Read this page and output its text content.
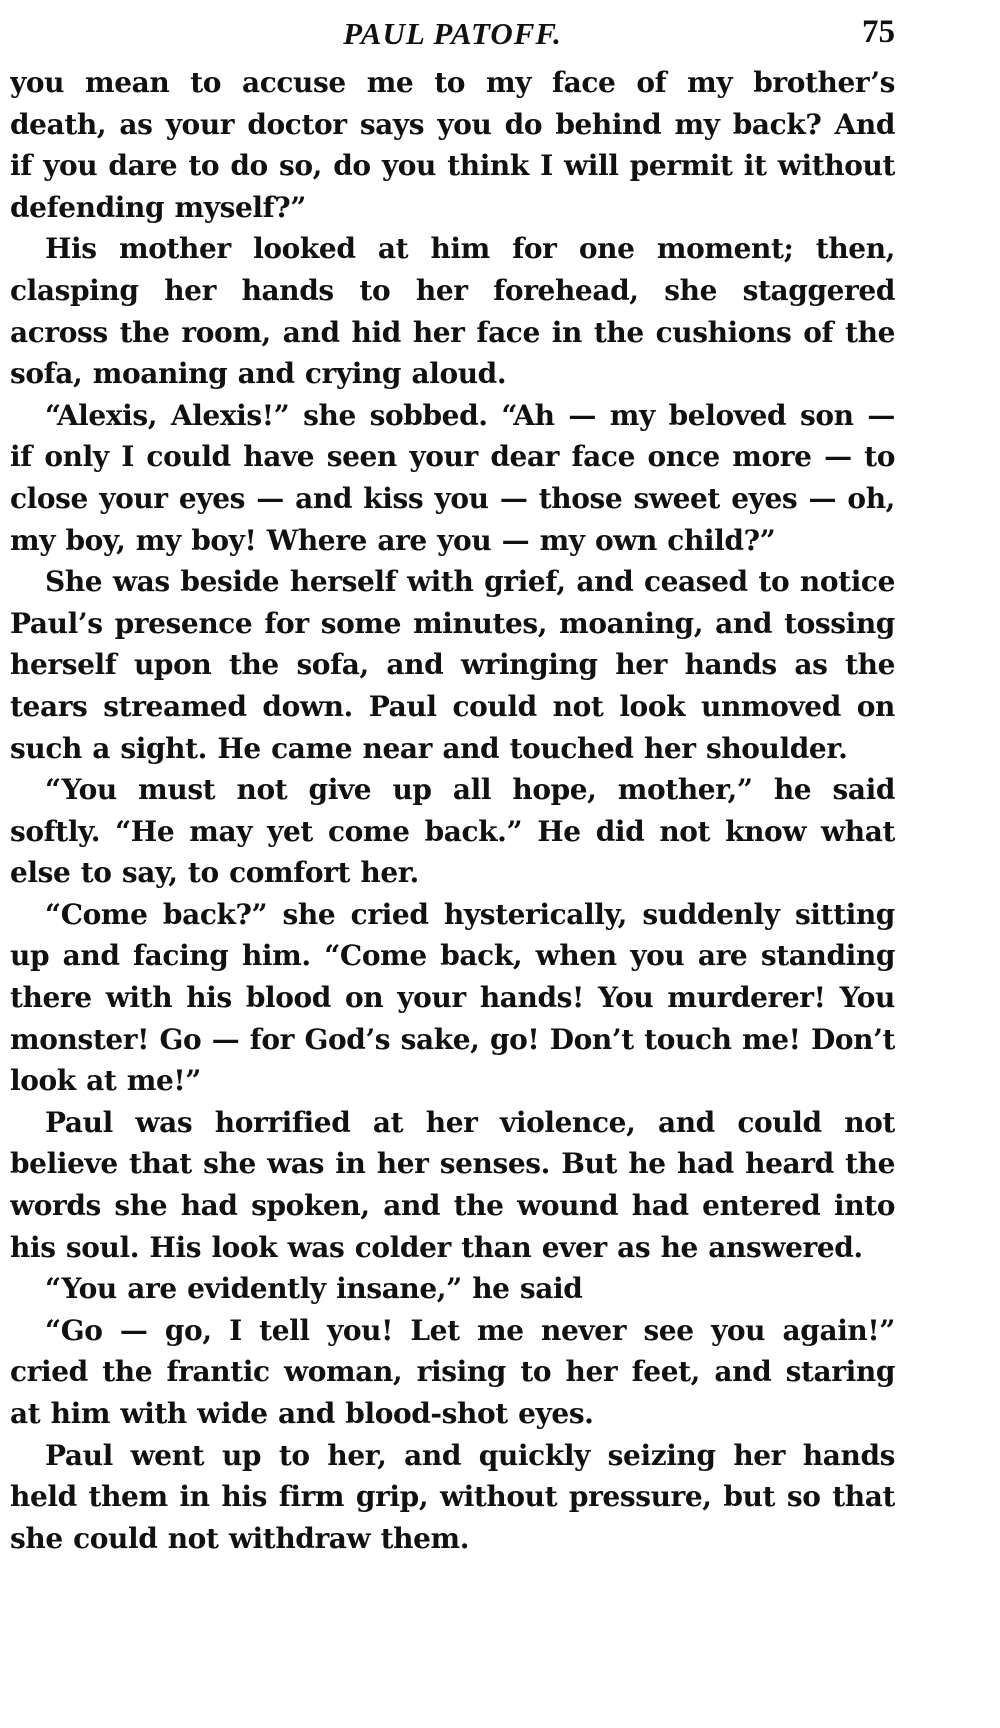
PAUL PATOFF.	75

you mean to accuse me to my face of my brother’s death, as your doctor says you do behind my back? And if you dare to do so, do you think I will permit it without defending myself?”

His mother looked at him for one moment; then, clasping her hands to her forehead, she staggered across the room, and hid her face in the cushions of the sofa, moaning and crying aloud.

“Alexis, Alexis!” she sobbed. “Ah — my beloved son — if only I could have seen your dear face once more — to close your eyes — and kiss you — those sweet eyes — oh, my boy, my boy! Where are you — my own child?”

She was beside herself with grief, and ceased to notice Paul’s presence for some minutes, moaning, and tossing herself upon the sofa, and wringing her hands as the tears streamed down. Paul could not look unmoved on such a sight. He came near and touched her shoulder.

“You must not give up all hope, mother,” he said softly. “He may yet come back.” He did not know what else to say, to comfort her.

“Come back?” she cried hysterically, suddenly sitting up and facing him. “Come back, when you are standing there with his blood on your hands! You murderer! You monster! Go — for God’s sake, go! Don’t touch me! Don’t look at me!”

Paul was horrified at her violence, and could not believe that she was in her senses. But he had heard the words she had spoken, and the wound had entered into his soul. His look was colder than ever as he answered.

“You are evidently insane,” he said

“Go — go, I tell you! Let me never see you again!” cried the frantic woman, rising to her feet, and staring at him with wide and blood-shot eyes.

Paul went up to her, and quickly seizing her hands held them in his firm grip, without pressure, but so that she could not withdraw them.
